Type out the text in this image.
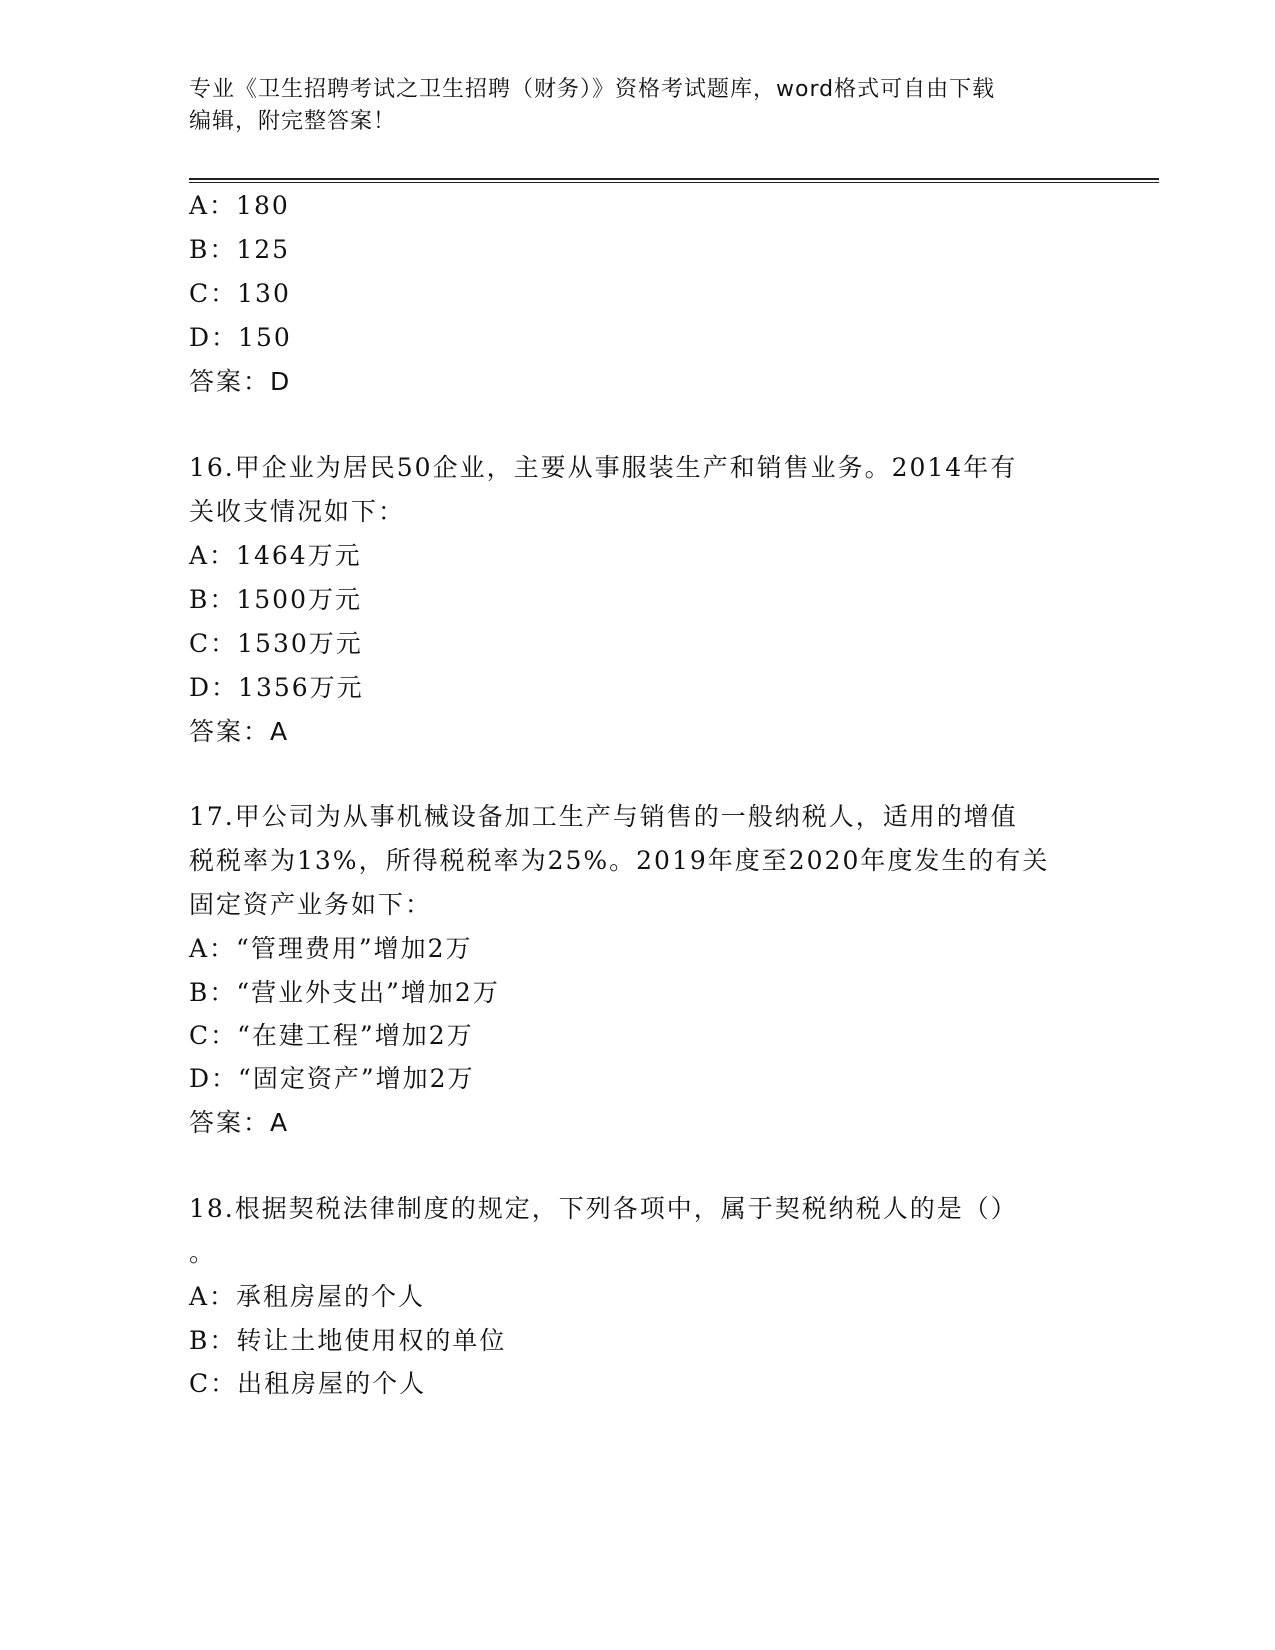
专业《卫生招聘考试之卫生招聘（财务）》资格考试题库，word格式可自由下载
编辑，附完整答案！
A：180
B：125
C：130
D：150
答案：D
16.甲企业为居民50企业，主要从事服装生产和销售业务。2014年有
关收支情况如下：
A：1464万元
B：1500万元
C：1530万元
D：1356万元
答案：A
17.甲公司为从事机械设备加工生产与销售的一般纳税人，适用的增值
税税率为13%，所得税税率为25%。2019年度至2020年度发生的有关
固定资产业务如下：
A：“管理费用”增加2万
B：“营业外支出”增加2万
C：“在建工程”增加2万
D：“固定资产”增加2万
答案：A
18.根据契税法律制度的规定，下列各项中，属于契税纳税人的是（）
。
A：承租房屋的个人
B：转让土地使用权的单位
C：出租房屋的个人
